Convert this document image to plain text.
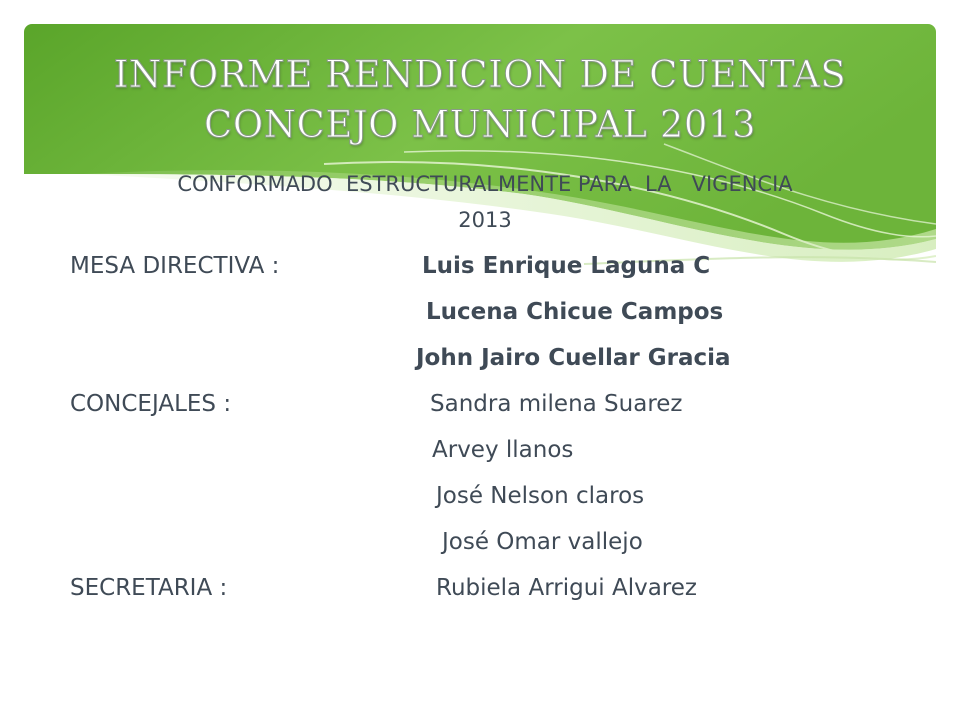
INFORME RENDICION DE CUENTAS
CONCEJO MUNICIPAL 2013
CONFORMADO  ESTRUCTURALMENTE PARA  LA   VIGENCIA
2013
MESA DIRECTIVA :	Luis Enrique Laguna C
Lucena Chicue Campos
John Jairo Cuellar Gracia
CONCEJALES :	Sandra milena Suarez
Arvey llanos
José Nelson claros
José Omar vallejo
SECRETARIA :	Rubiela Arrigui Alvarez
